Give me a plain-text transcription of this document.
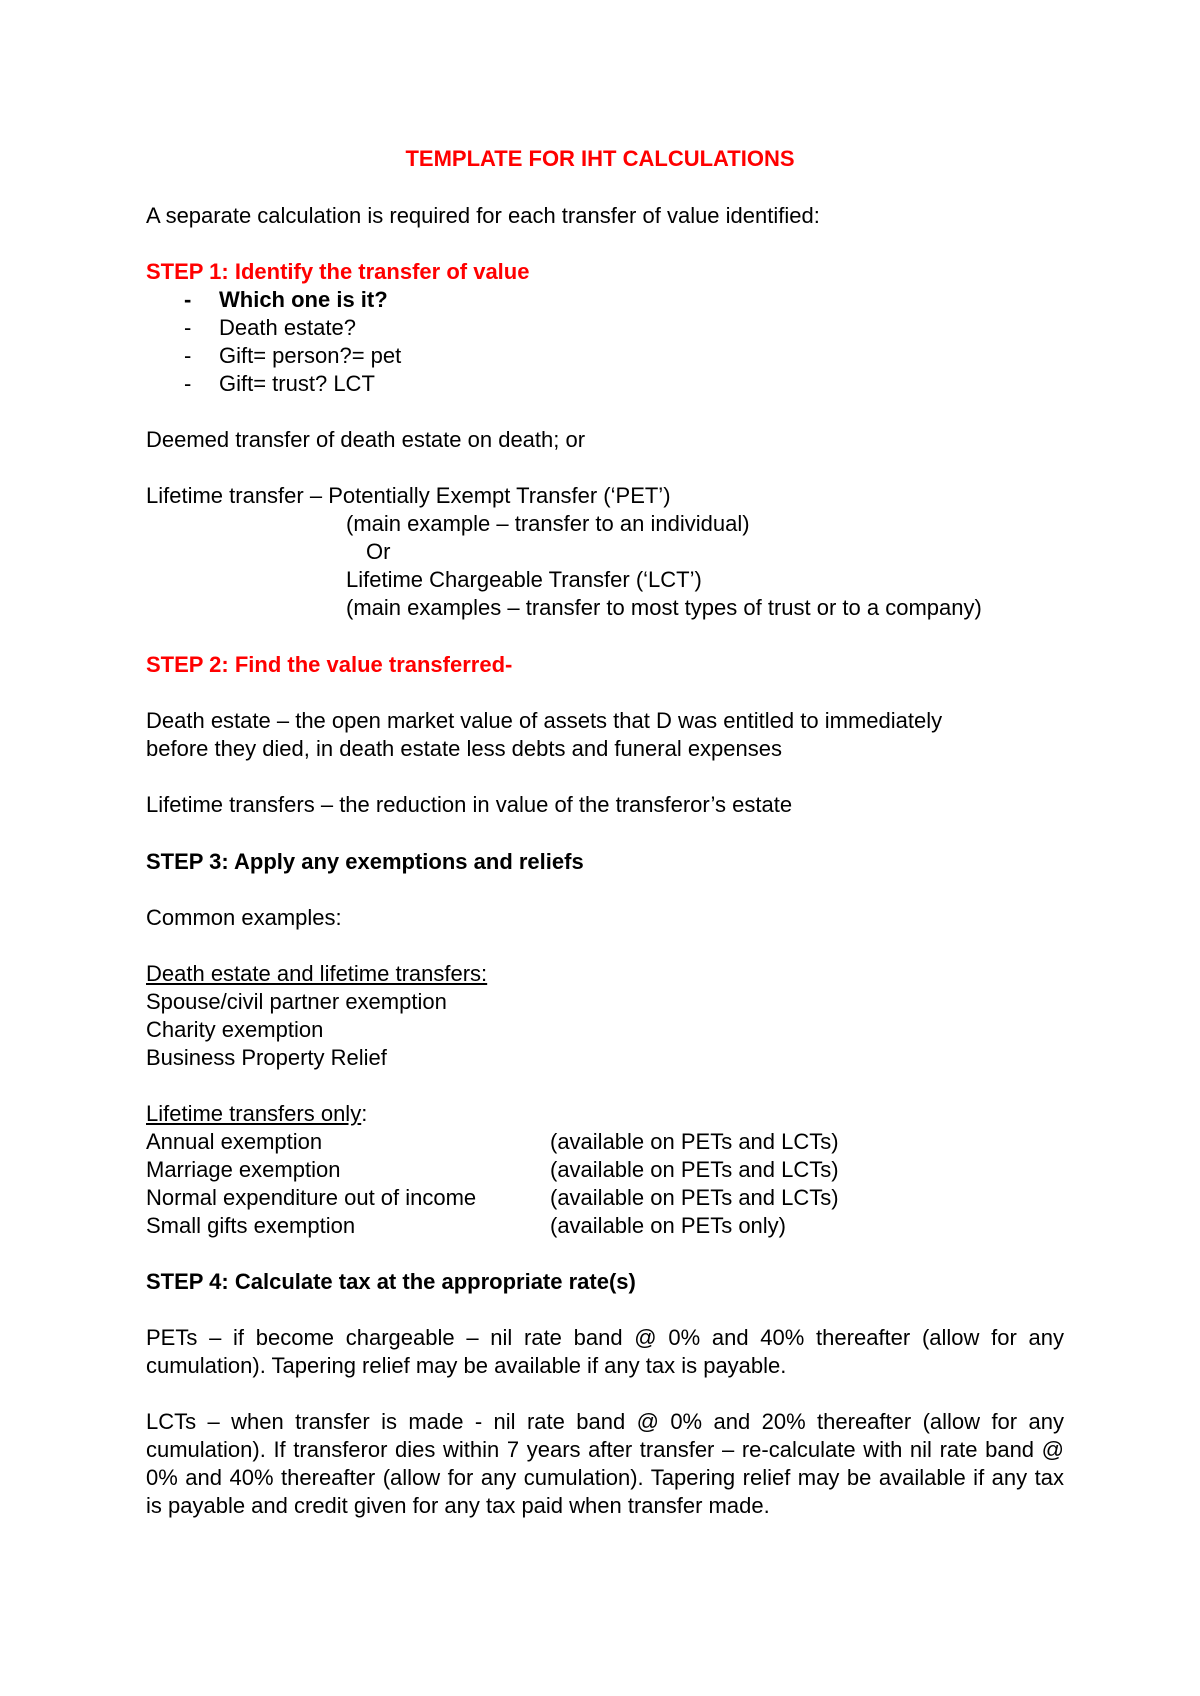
TEMPLATE FOR IHT CALCULATIONS
A separate calculation is required for each transfer of value identified:
STEP 1: Identify the transfer of value
-	Which one is it?
-	Death estate?
-	Gift= person?= pet
-	Gift= trust? LCT
Deemed transfer of death estate on death; or
Lifetime transfer – Potentially Exempt Transfer (‘PET’)
(main example – transfer to an individual)
Or
Lifetime Chargeable Transfer (‘LCT’)
(main examples – transfer to most types of trust or to a company)
STEP 2: Find the value transferred-
Death estate – the open market value of assets that D was entitled to immediately
before they died, in death estate less debts and funeral expenses
Lifetime transfers – the reduction in value of the transferor’s estate
STEP 3: Apply any exemptions and reliefs
Common examples:
Death estate and lifetime transfers:
Spouse/civil partner exemption
Charity exemption
Business Property Relief
Lifetime transfers only:
Annual exemption	(available on PETs and LCTs)
Marriage exemption	(available on PETs and LCTs)
Normal expenditure out of income	(available on PETs and LCTs)
Small gifts exemption	(available on PETs only)
STEP 4: Calculate tax at the appropriate rate(s)

PETs – if become chargeable – nil rate band @ 0% and 40% thereafter (allow for any cumulation). Tapering relief may be available if any tax is payable.

LCTs – when transfer is made - nil rate band @ 0% and 20% thereafter (allow for any cumulation). If transferor dies within 7 years after transfer – re-calculate with nil rate band @ 0% and 40% thereafter (allow for any cumulation). Tapering relief may be available if any tax is payable and credit given for any tax paid when transfer made.
